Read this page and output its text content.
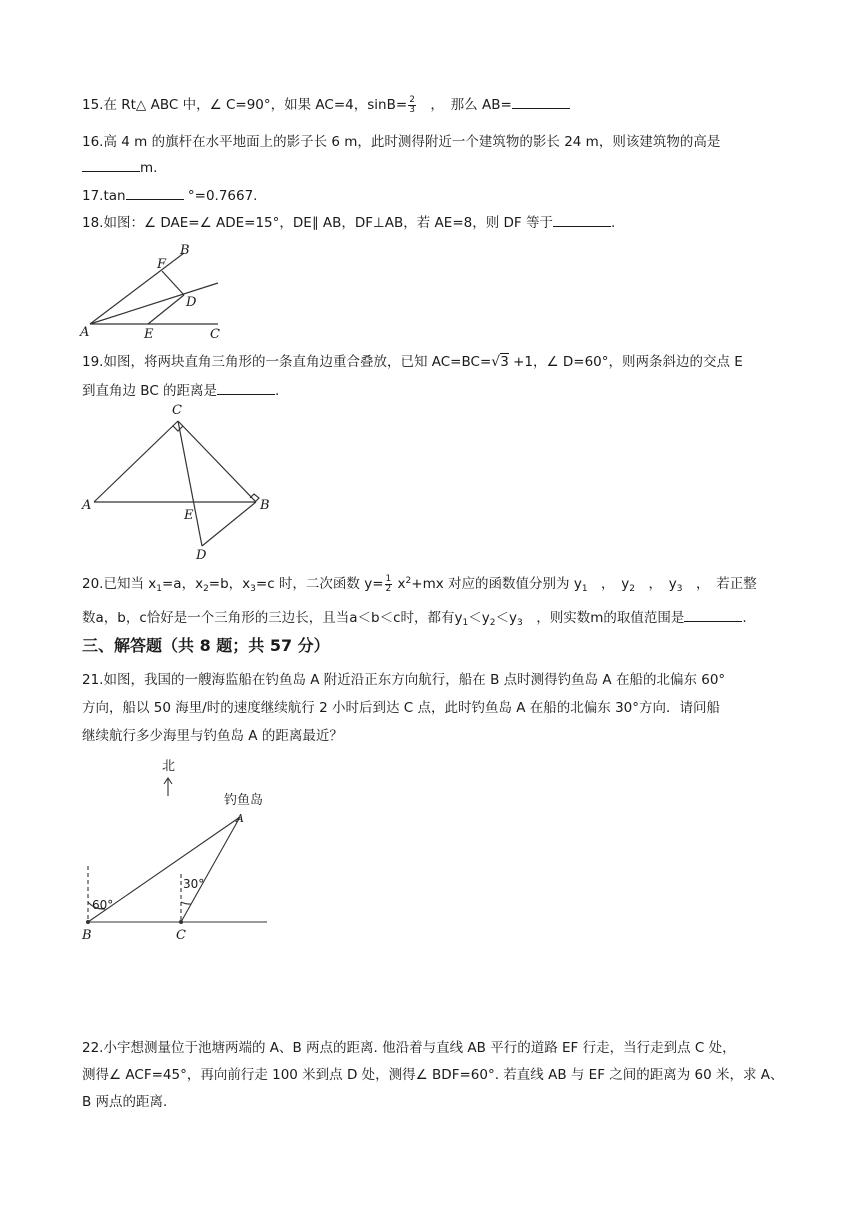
15.在 Rt△ ABC 中，∠ C=90°，如果 AC=4，$\sin B= \frac{2}{3}$ 　，　那么 AB=
16.高 4 m 的旗杆在水平地面上的影子长 6 m，此时测得附近一个建筑物的影长 24 m，则该建筑物的高是
m.
17.tan	°=0.7667.
18.如图：∠ DAE=∠ ADE=15°，DE∥ AB，DF⊥AB，若 AE=8，则 DF 等于	.
B
F
D
A	E	C
19.如图，将两块直角三角形的一条直角边重合叠放，已知 AC=BC=√3 +1，∠ D=60°，则两条斜边的交点 E
到直角边 BC 的距离是	.
C
A	B
E
D
20.已知当 $x_1=a$，$x_2=b$，$x_3=c$ 时，二次函数 $y= \frac{1}{2} x^2+mx$ 对应的函数值分别为 $y_1$　，　$y_2$　，　$y_3$　，　若正整
数a，b，c恰好是一个三角形的三边长，且当a＜b＜c时，都有$y_1<y_2<y_3$　，则实数m的取值范围是	.
三、解答题（共 8 题；共 57 分）
21.如图，我国的一艘海监船在钓鱼岛 A 附近沿正东方向航行，船在 B 点时测得钓鱼岛 A 在船的北偏东 60°
方向，船以 50 海里/时的速度继续航行 2 小时后到达 C 点，此时钓鱼岛 A 在船的北偏东 30°方向．请问船
继续航行多少海里与钓鱼岛 A 的距离最近？
北
钓鱼岛
A
60°
30°
B	C
22.小宇想测量位于池塘两端的 A、B 两点的距离. 他沿着与直线 AB 平行的道路 EF 行走，当行走到点 C 处，
测得∠ ACF=45°，再向前行走 100 米到点 D 处，测得∠ BDF=60°. 若直线 AB 与 EF 之间的距离为 60 米，求 A、
B 两点的距离.
